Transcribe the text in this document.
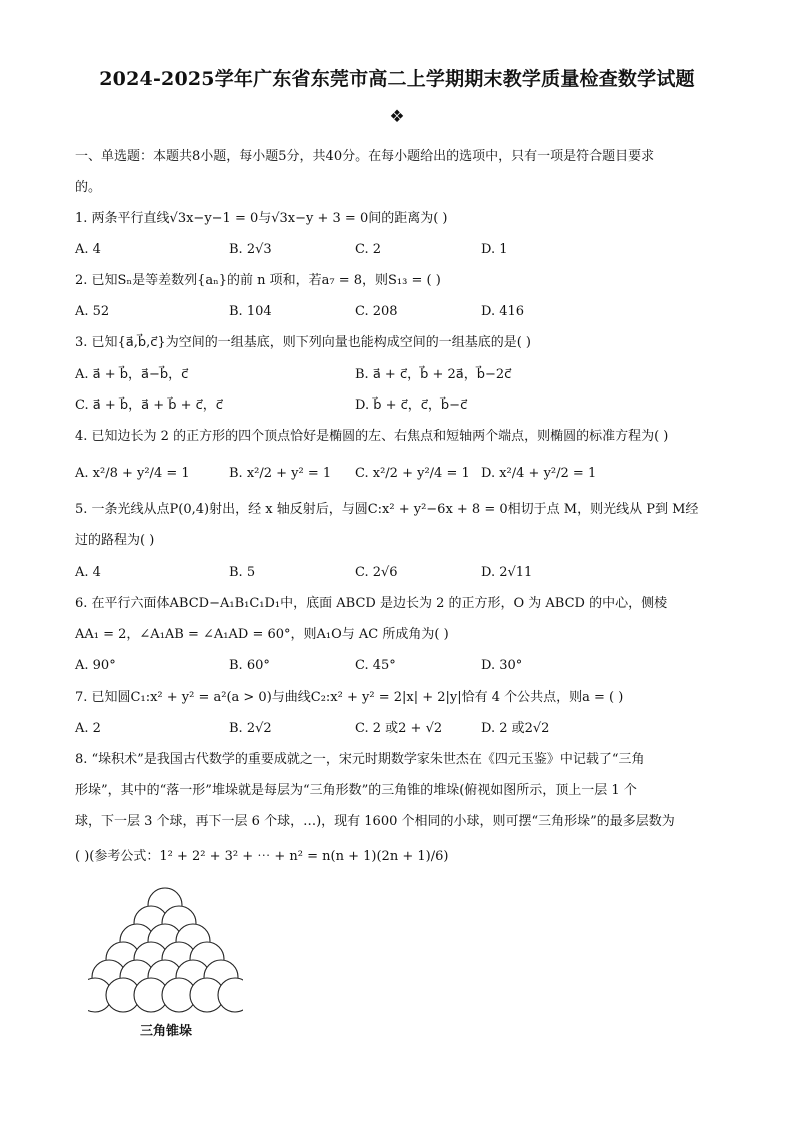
2024-2025学年广东省东莞市高二上学期期末教学质量检查数学试题
❖
一、单选题：本题共8小题，每小题5分，共40分。在每小题给出的选项中，只有一项是符合题目要求
的。
1. 两条平行直线√3x−y−1 = 0与√3x−y + 3 = 0间的距离为( )
A. 4	B. 2√3	C. 2	D. 1
2. 已知Sₙ是等差数列{aₙ}的前 n 项和，若a₇ = 8，则S₁₃ = ( )
A. 52	B. 104	C. 208	D. 416
3. 已知{a⃗,b⃗,c⃗}为空间的一组基底，则下列向量也能构成空间的一组基底的是( )
A. a⃗ + b⃗，a⃗−b⃗，c⃗	B. a⃗ + c⃗，b⃗ + 2a⃗，b⃗−2c⃗
C. a⃗ + b⃗，a⃗ + b⃗ + c⃗，c⃗	D. b⃗ + c⃗，c⃗，b⃗−c⃗
4. 已知边长为 2 的正方形的四个顶点恰好是椭圆的左、右焦点和短轴两个端点，则椭圆的标准方程为( )
A. x²/8 + y²/4 = 1	B. x²/2 + y² = 1 C. x²/2 + y²/4 = 1 D. x²/4 + y²/2 = 1
5. 一条光线从点P(0,4)射出，经 x 轴反射后，与圆C:x² + y²−6x + 8 = 0相切于点 M，则光线从 P到 M经
过的路程为( )
A. 4	B. 5	C. 2√6	D. 2√11
6. 在平行六面体ABCD−A₁B₁C₁D₁中，底面 ABCD 是边长为 2 的正方形，O 为 ABCD 的中心，侧棱
AA₁ = 2，∠A₁AB = ∠A₁AD = 60°，则A₁O与 AC 所成角为( )
A. 90°	B. 60°	C. 45°	D. 30°
7. 已知圆C₁:x² + y² = a²(a > 0)与曲线C₂:x² + y² = 2|x| + 2|y|恰有 4 个公共点，则a = ( )
A. 2	B. 2√2	C. 2 或2 + √2	D. 2 或2√2
8. “垛积术”是我国古代数学的重要成就之一，宋元时期数学家朱世杰在《四元玉鉴》中记载了“三角
形垛”，其中的“落一形”堆垛就是每层为“三角形数”的三角锥的堆垛(俯视如图所示，顶上一层 1 个
球，下一层 3 个球，再下一层 6 个球，…)，现有 1600 个相同的小球，则可摆“三角形垛”的最多层数为
( )(参考公式：1² + 2² + 3² + ⋯ + n² = n(n + 1)(2n + 1)/6)
三角锥垛
